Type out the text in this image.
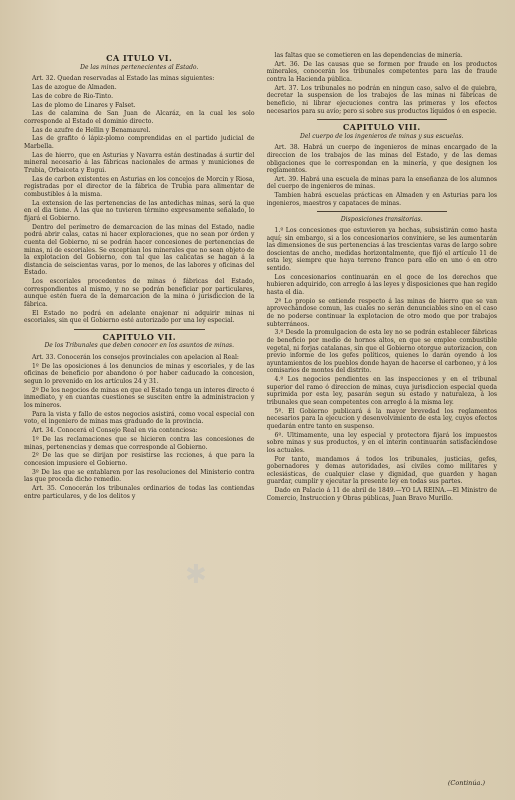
CA ITULO VI.
De las minas pertenecientes al Estado.

Art. 32. Quedan reservadas al Estado las minas siguientes:

Las de azogue de Almaden.

Las de cobre de Rio-Tinto.

Las de plomo de Linares y Falset.

Las de calamina de San Juan de Alcaráz, en la cual les solo corresponde al Estado el dominio directo.

Las de azufre de Hellin y Benamaurel.

Las de grafito ó lápiz-plomo comprendidas en el partido judicial de Marbella.

Las de hierro, que en Asturias y Navarra están destinadas á surtir del mineral necesario á las fábricas nacionales de armas y municiones de Trubia, Orbaiceta y Eugui.

Las de carbon existentes en Asturias en los concejos de Morcin y Riosa, registradas por el director de la fábrica de Trubia para alimentar de combustibles á la misma.

La extension de las pertenencias de las antedichas minas, será la que en el dia tiene. Á las que no tuvieren término expresamente señalado, lo fijará el Gobierno.

Dentro del perímetro de demarcacion de las minas del Estado, nadie podrá abrir calas, catas ni hacer exploraciones, que no sean por órden y cuenta del Gobierno, ni se podrán hacer concesiones de pertenencias de minas, ni de escoriales. Se exceptúan los minerales que no sean objeto de la explotacion del Gobierno, con tal que las calicatas se hagan á la distancia de seiscientas varas, por lo menos, de las labores y oficinas del Estado.

Los escoriales procedentes de minas ó fábricas del Estado, correspondientes al mismo, y no se podrán beneficiar por particulares, aunque estén fuera de la demarcacion de la mina ó jurisdiccion de la fábrica.

El Estado no podrá en adelante enajenar ni adquirir minas ni escoriales, sin que el Gobierno esté autorizado por una ley especial.

CAPITULO VII.
De los Tribunales que deben conocer en los asuntos de minas.

Art. 33. Conocerán los consejos provinciales con apelacion al Real:

1º De las oposiciones á los denuncios de minas y escoriales, y de las oficinas de beneficio por abandono ó por haber caducado la concesion, segun lo prevenido en los artículos 24 y 31.

2º De los negocios de minas en que el Estado tenga un interes directo é inmediato, y en cuantas cuestiones se susciten entre la administracion y los mineros.

Para la vista y fallo de estos negocios asistirá, como vocal especial con voto, el ingeniero de minas mas graduado de la provincia.

Art. 34. Conocerá el Consejo Real en via contenciosa:

1º De las reclamaciones que se hicieren contra las concesiones de minas, pertenencias y demas que corresponde al Gobierno.

2º De las que se dirijan por resistirse las rcciones, á que para la concesion impusiere el Gobierno.

3º De las que se entablaren por las resoluciones del Ministerio contra las que proceda dicho remedio.

Art. 35. Conocerán los tribunales ordinarios de todas las contiendas entre particulares, y de los delitos y

las faltas que se cometieren en las dependencias de minería.

Art. 36. De las causas que se formen por fraude en los productos minerales, conocerán los tribunales competentes para las de fraude contra la Hacienda pública.

Art. 37. Los tribunales no podrán en ningun caso, salvo el de quiebra, decretar la suspension de los trabajos de las minas ni fábricas de beneficio, ni librar ejecuciones contra las primeras y los efectos necesarios para su avío; pero si sobre sus productos líquidos ó en especie.

CAPITULO VIII.
Del cuerpo de los ingenieros de minas y sus escuelas.

Art. 38. Habrá un cuerpo de ingenieros de minas encargado de la direccion de los trabajos de las minas del Estado, y de las demas obligaciones que le correspondan en la minería, y que designen los reglamentos.

Art. 39. Habrá una escuela de minas para la enseñanza de los alumnos del cuerpo de ingenieros de minas.

Tambien habrá escuelas prácticas en Almaden y en Asturias para los ingenieros, maestros y capataces de minas.

Disposiciones transitorias.

1.º Los concesiones que estuvieren ya hechas, subsistirán como hasta aquí; sin embargo, si a los concesionarios conviniere, se les aumentarán las dimensiones de sus pertenencias á las trescientas varas de largo sobre doscientas de ancho, medidas horizontalmente, que fijó el artículo 11 de esta ley, siempre que haya terreno franco para ello en uno ó en otro sentido.

Los concesionarios continuarán en el goce de los derechos que hubieren adquirido, con arreglo á las leyes y disposiciones que han regido hasta el dia.

2º Lo propio se entiende respecto á las minas de hierro que se van aprovechándose comun, las cuales no serán denunciables sino en el caso de no poderse continuar la explotacion de otro modo que por trabajos subterráneos.

3.º Desde la promulgacion de esta ley no se podrán establecer fábricas de beneficio por medio de hornos altos, en que se emplee combustible vegetal, ni forjas catalanas, sin que el Gobierno otorgue autorizacion, con previo informe de los gefes políticos, quienes lo darán oyendo á los ayuntamientos de los pueblos donde hayan de hacerse el carboneo, y á los comisarios de montes del distrito.

4.º Los negocios pendientes en las inspecciones y en el tribunal superior del ramo ó direccion de minas, cuya jurisdiccion especial queda suprimida por esta ley, pasarán segun su estado y naturaleza, á los tribunales que sean competentes con arreglo á la misma ley.

5º. El Gobierno publicará á la mayor brevedad los reglamentos necesarios para la ejecucion y desenvolvimiento de esta ley, cuyos efectos quedarán entre tanto en suspenso.

6º. Ultimamente, una ley especial y protectora fijará los impuestos sobre minas y sus productos, y en el interin continuarán satisfaciéndose los actuales.

Por tanto, mandamos á todos los tribunales, justicias, gefes, gobernadores y demas autoridades, así civiles como militares y eclesiásticas, de cualquier clase y dignidad, que guarden y hagan guardar, cumplir y ejecutar la presente ley en todas sus partes.

Dado en Palacio á 11 de abril de 1849.—YO LA REINA.—El Ministro de Comercio, Instruccion y Obras públicas, Juan Bravo Murillo.

(Continúa.)
✱
